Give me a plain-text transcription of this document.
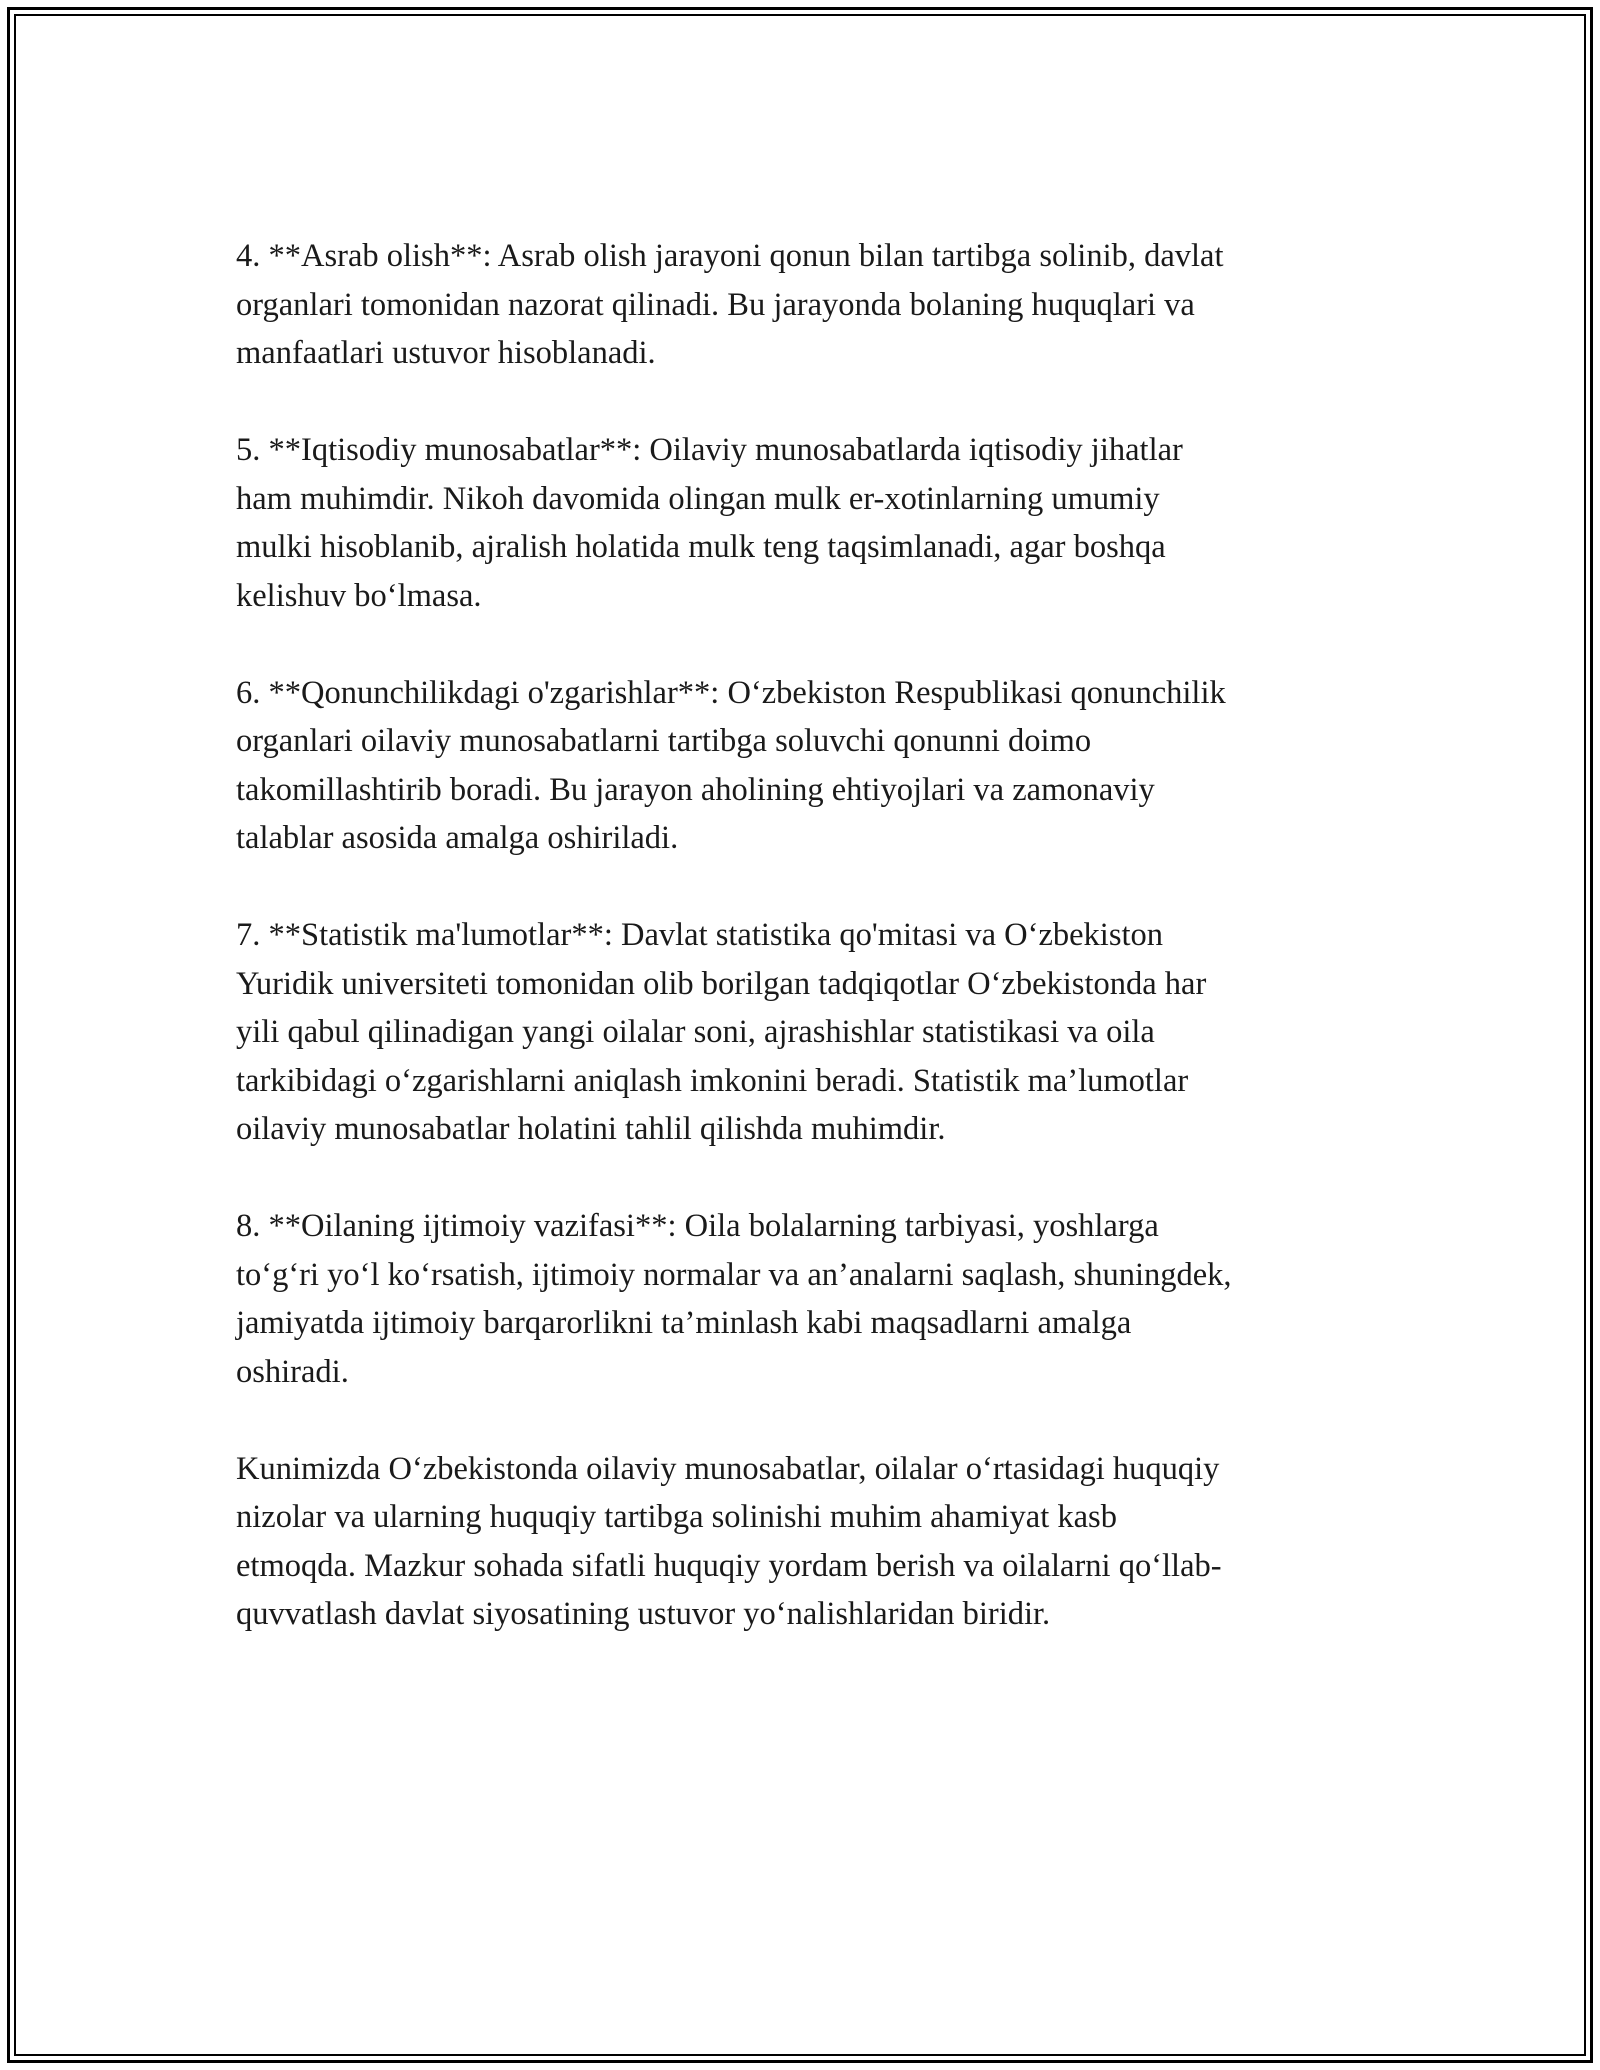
4. **Asrab olish**: Asrab olish jarayoni qonun bilan tartibga solinib, davlat
organlari tomonidan nazorat qilinadi. Bu jarayonda bolaning huquqlari va
manfaatlari ustuvor hisoblanadi.

5. **Iqtisodiy munosabatlar**: Oilaviy munosabatlarda iqtisodiy jihatlar
ham muhimdir. Nikoh davomida olingan mulk er-xotinlarning umumiy
mulki hisoblanib, ajralish holatida mulk teng taqsimlanadi, agar boshqa
kelishuv boʻlmasa.

6. **Qonunchilikdagi o'zgarishlar**: Oʻzbekiston Respublikasi qonunchilik
organlari oilaviy munosabatlarni tartibga soluvchi qonunni doimo
takomillashtirib boradi. Bu jarayon aholining ehtiyojlari va zamonaviy
talablar asosida amalga oshiriladi.

7. **Statistik ma'lumotlar**: Davlat statistika qo'mitasi va Oʻzbekiston
Yuridik universiteti tomonidan olib borilgan tadqiqotlar Oʻzbekistonda har
yili qabul qilinadigan yangi oilalar soni, ajrashishlar statistikasi va oila
tarkibidagi oʻzgarishlarni aniqlash imkonini beradi. Statistik ma’lumotlar
oilaviy munosabatlar holatini tahlil qilishda muhimdir.

8. **Oilaning ijtimoiy vazifasi**: Oila bolalarning tarbiyasi, yoshlarga
toʻgʻri yoʻl koʻrsatish, ijtimoiy normalar va an’analarni saqlash, shuningdek,
jamiyatda ijtimoiy barqarorlikni ta’minlash kabi maqsadlarni amalga
oshiradi.

Kunimizda Oʻzbekistonda oilaviy munosabatlar, oilalar oʻrtasidagi huquqiy
nizolar va ularning huquqiy tartibga solinishi muhim ahamiyat kasb
etmoqda. Mazkur sohada sifatli huquqiy yordam berish va oilalarni qoʻllab-
quvvatlash davlat siyosatining ustuvor yoʻnalishlaridan biridir.
